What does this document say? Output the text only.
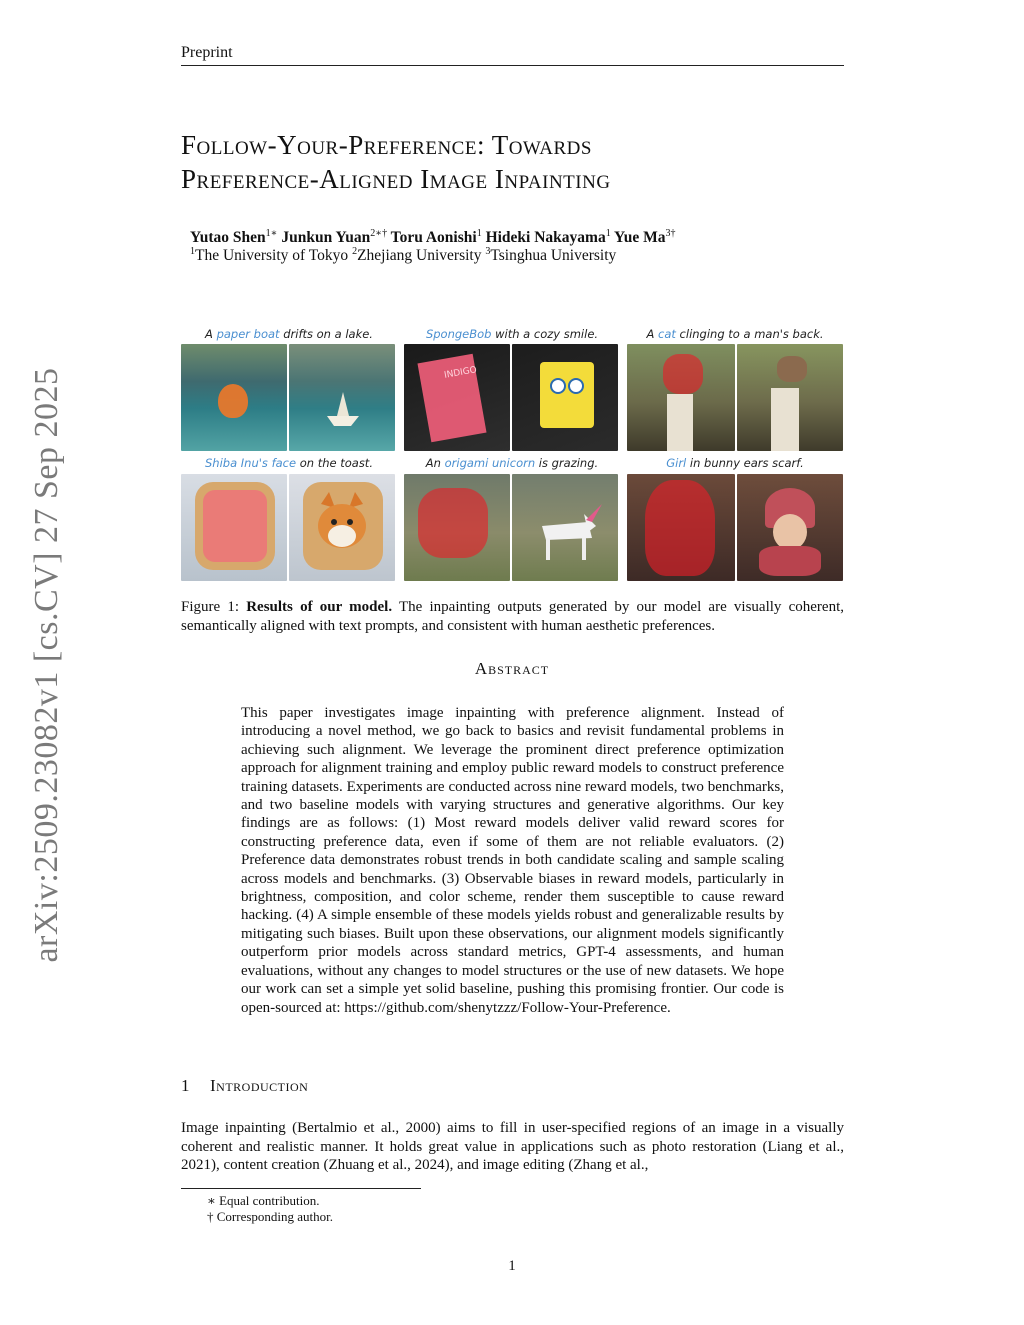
Preprint
arXiv:2509.23082v1 [cs.CV] 27 Sep 2025
Follow-Your-Preference: Towards
Preference-Aligned Image Inpainting
Yutao Shen$^{1∗}$ Junkun Yuan$^{2∗\dagger}$ Toru Aonishi$^1$ Hideki Nakayama$^1$ Yue $Ma^{3\dagger}$
$^1$The University of Tokyo $^2$Zhejiang University $^3$Tsinghua University
A paper boat drifts on a lake.	SpongeBob with a cozy smile.	A cat clinging to a man's back.
Shiba Inu's face on the toast.	An origami unicorn is grazing.	Girl in bunny ears scarf.
INDIGO
Figure 1: Results of our model. The inpainting outputs generated by our model are visually coherent, semantically aligned with text prompts, and consistent with human aesthetic preferences.
Abstract
This paper investigates image inpainting with preference alignment. Instead of introducing a novel method, we go back to basics and revisit fundamental problems in achieving such alignment. We leverage the prominent direct preference optimization approach for alignment training and employ public reward models to construct preference training datasets. Experiments are conducted across nine reward models, two benchmarks, and two baseline models with varying structures and generative algorithms. Our key findings are as follows: (1) Most reward models deliver valid reward scores for constructing preference data, even if some of them are not reliable evaluators. (2) Preference data demonstrates robust trends in both candidate scaling and sample scaling across models and benchmarks. (3) Observable biases in reward models, particularly in brightness, composition, and color scheme, render them susceptible to cause reward hacking. (4) A simple ensemble of these models yields robust and generalizable results by mitigating such biases. Built upon these observations, our alignment models significantly outperform prior models across standard metrics, GPT-4 assessments, and human evaluations, without any changes to model structures or the use of new datasets. We hope our work can set a simple yet solid baseline, pushing this promising frontier. Our code is open-sourced at: https://github.com/shenytzzz/Follow-Your-Preference.
1 Introduction
Image inpainting (Bertalmio et al., 2000) aims to fill in user-specified regions of an image in a visually coherent and realistic manner. It holds great value in applications such as photo restoration (Liang et al., 2021), content creation (Zhuang et al., 2024), and image editing (Zhang et al.,
∗ Equal contribution.
† Corresponding author.
1
